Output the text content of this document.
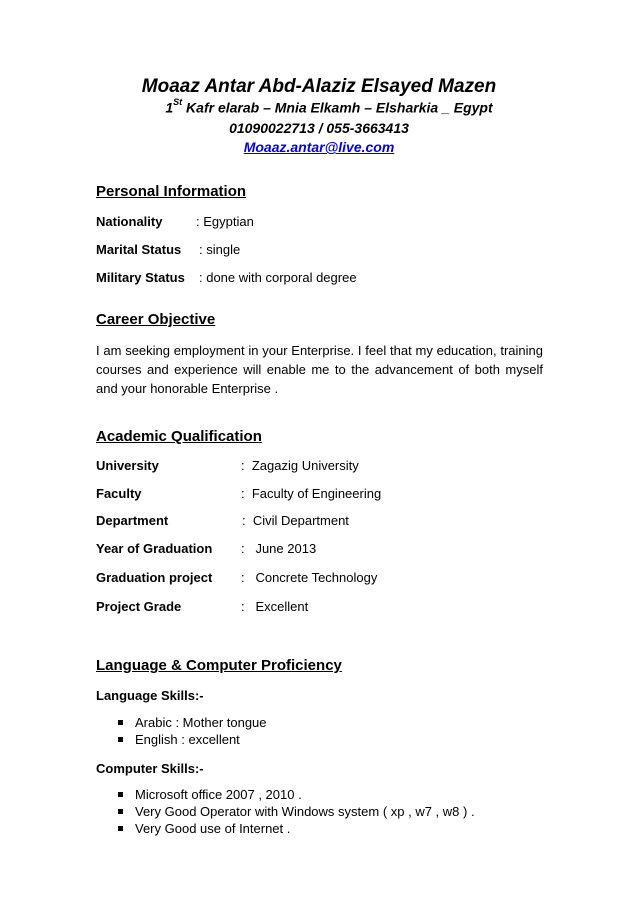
Moaaz Antar Abd-Alaziz Elsayed Mazen
1St Kafr elarab – Mnia Elkamh – Elsharkia _ Egypt
01090022713 / 055-3663413
Moaaz.antar@live.com
Personal Information
Nationality	: Egyptian
Marital Status : single
Military Status : done with corporal degree
Career Objective
I am seeking employment in your Enterprise. I feel that my education, training courses and experience will enable me to the advancement of both myself and your honorable Enterprise .
Academic Qualification
University	:  Zagazig University
Faculty	:  Faculty of Engineering
Department	:  Civil Department
Year of Graduation :   June 2013
Graduation project :   Concrete Technology
Project Grade	:   Excellent
Language & Computer Proficiency
Language Skills:-
Arabic : Mother tongue
English : excellent
Computer Skills:-
Microsoft office 2007 , 2010 .
Very Good Operator with Windows system ( xp , w7 , w8 ) .
Very Good use of Internet .
